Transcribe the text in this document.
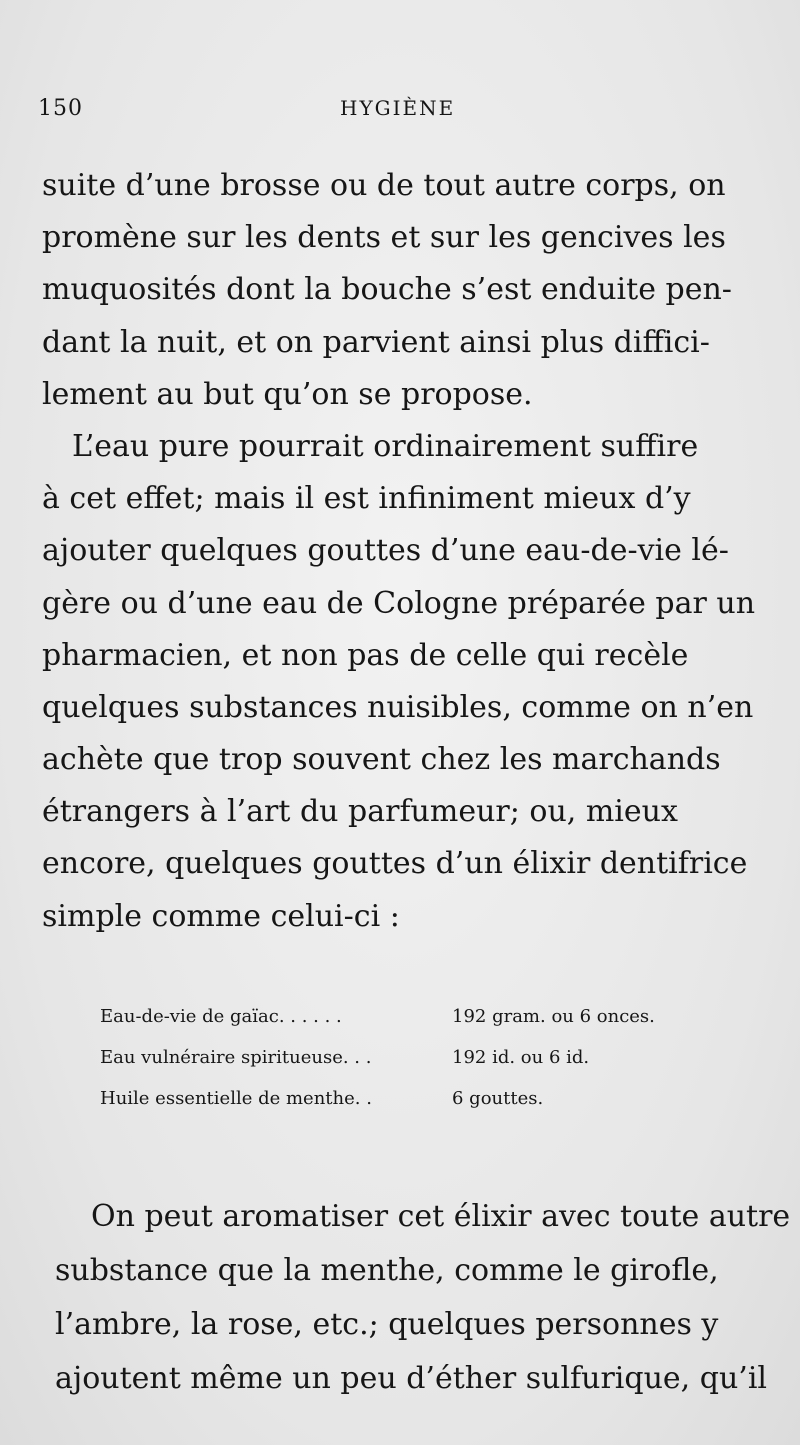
150	HYGIÈNE
suite d’une brosse ou de tout autre corps, on
promène sur les dents et sur les gencives les
muquosités dont la bouche s’est enduite pen-
dant la nuit, et on parvient ainsi plus diffici-
lement au but qu’on se propose.
L’eau pure pourrait ordinairement suffire
à cet effet; mais il est infiniment mieux d’y
ajouter quelques gouttes d’une eau-de-vie lé-
gère ou d’une eau de Cologne préparée par un
pharmacien, et non pas de celle qui recèle
quelques substances nuisibles, comme on n’en
achète que trop souvent chez les marchands
étrangers à l’art du parfumeur; ou, mieux
encore, quelques gouttes d’un élixir dentifrice
simple comme celui-ci :
Eau-de-vie de gaïac. . . . . .	192 gram. ou 6 onces.
Eau vulnéraire spiritueuse. . .	192 id. ou 6 id.
Huile essentielle de menthe. .	6 gouttes.
On peut aromatiser cet élixir avec toute autre
substance que la menthe, comme le girofle,
l’ambre, la rose, etc.; quelques personnes y
ajoutent même un peu d’éther sulfurique, qu’il
